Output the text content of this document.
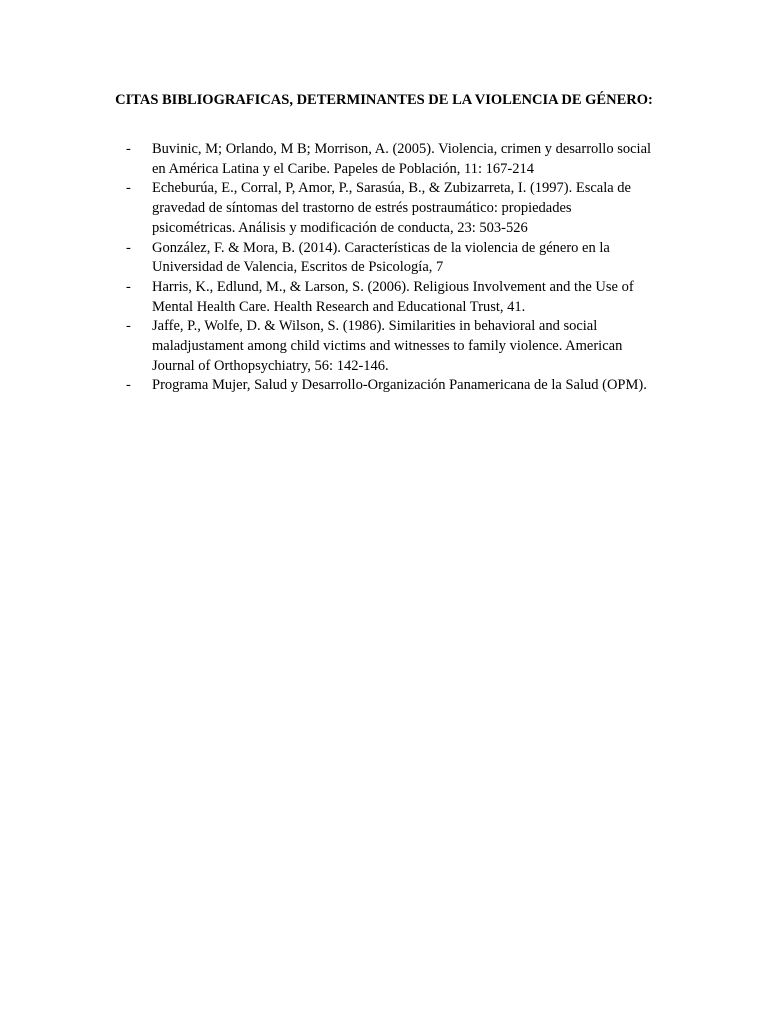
CITAS BIBLIOGRAFICAS, DETERMINANTES DE LA VIOLENCIA DE GÉNERO:
-	Buvinic, M; Orlando, M B; Morrison, A. (2005). Violencia, crimen y desarrollo social en América Latina y el Caribe. Papeles de Población, 11: 167-214
-	Echeburúa, E., Corral, P, Amor, P., Sarasúa, B., & Zubizarreta, I. (1997). Escala de gravedad de síntomas del trastorno de estrés postraumático: propiedades psicométricas. Análisis y modificación de conducta, 23: 503-526
-	González, F. & Mora, B. (2014). Características de la violencia de género en la Universidad de Valencia, Escritos de Psicología, 7
-	Harris, K., Edlund, M., & Larson, S. (2006). Religious Involvement and the Use of Mental Health Care. Health Research and Educational Trust, 41.
-	Jaffe, P., Wolfe, D. & Wilson, S. (1986). Similarities in behavioral and social maladjustament among child victims and witnesses to family violence. American Journal of Orthopsychiatry, 56: 142-146.
-	Programa Mujer, Salud y Desarrollo-Organización Panamericana de la Salud (OPM).
